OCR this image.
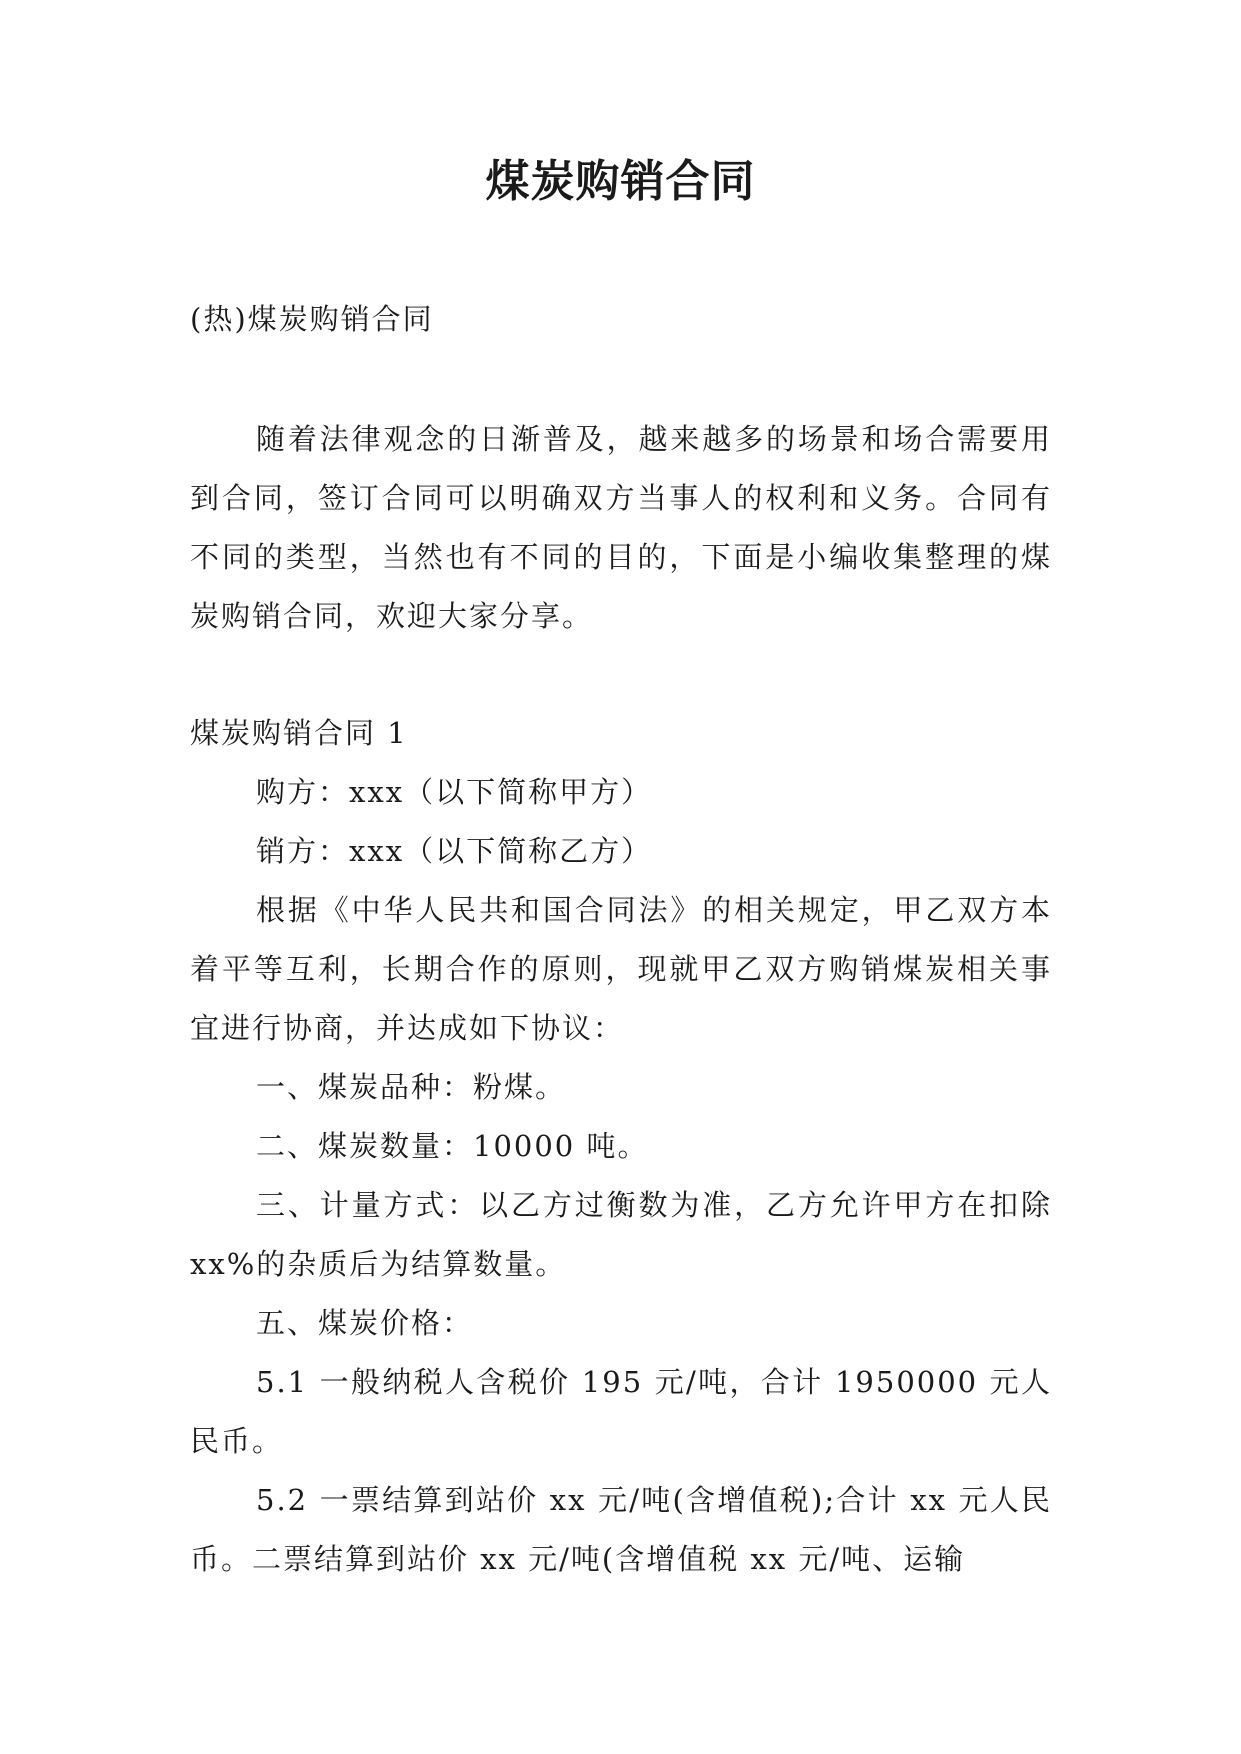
煤炭购销合同

(热)煤炭购销合同

随着法律观念的日渐普及，越来越多的场景和场合需要用到合同，签订合同可以明确双方当事人的权利和义务。合同有不同的类型，当然也有不同的目的，下面是小编收集整理的煤炭购销合同，欢迎大家分享。

煤炭购销合同 1

购方：xxx（以下简称甲方）

销方：xxx（以下简称乙方）

根据《中华人民共和国合同法》的相关规定，甲乙双方本着平等互利，长期合作的原则，现就甲乙双方购销煤炭相关事宜进行协商，并达成如下协议：

一、煤炭品种：粉煤。

二、煤炭数量：10000 吨。

三、计量方式：以乙方过衡数为准，乙方允许甲方在扣除 xx%的杂质后为结算数量。

五、煤炭价格：

5.1 一般纳税人含税价 195 元/吨，合计 1950000 元人民币。

5.2 一票结算到站价 xx 元/吨(含增值税);合计 xx 元人民币。二票结算到站价 xx 元/吨(含增值税 xx 元/吨、运输
